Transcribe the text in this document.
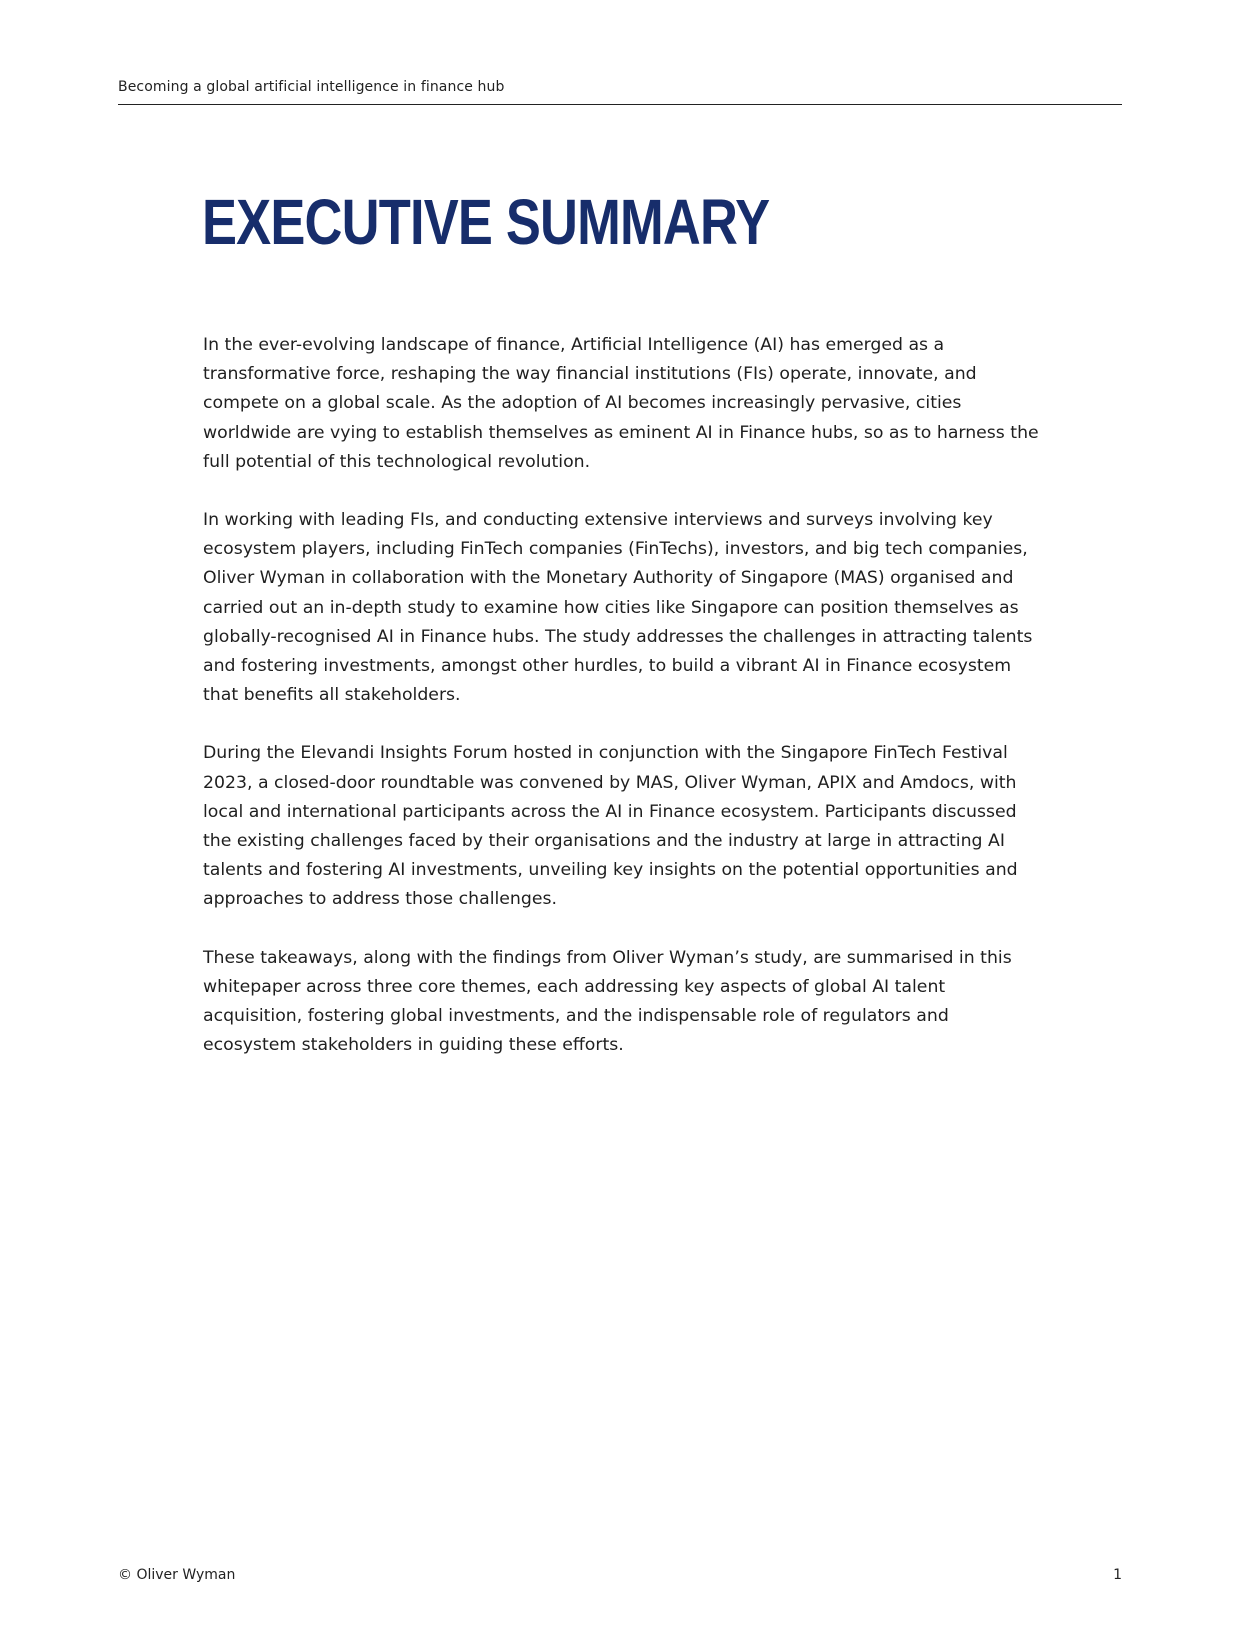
Becoming a global artificial intelligence in finance hub
EXECUTIVE SUMMARY

In the ever-evolving landscape of finance, Artificial Intelligence (AI) has emerged as a transformative force, reshaping the way financial institutions (FIs) operate, innovate, and compete on a global scale. As the adoption of AI becomes increasingly pervasive, cities worldwide are vying to establish themselves as eminent AI in Finance hubs, so as to harness the full potential of this technological revolution.

In working with leading FIs, and conducting extensive interviews and surveys involving key ecosystem players, including FinTech companies (FinTechs), investors, and big tech companies, Oliver Wyman in collaboration with the Monetary Authority of Singapore (MAS) organised and carried out an in-depth study to examine how cities like Singapore can position themselves as globally-recognised AI in Finance hubs. The study addresses the challenges in attracting talents and fostering investments, amongst other hurdles, to build a vibrant AI in Finance ecosystem that benefits all stakeholders.

During the Elevandi Insights Forum hosted in conjunction with the Singapore FinTech Festival 2023, a closed-door roundtable was convened by MAS, Oliver Wyman, APIX and Amdocs, with local and international participants across the AI in Finance ecosystem. Participants discussed the existing challenges faced by their organisations and the industry at large in attracting AI talents and fostering AI investments, unveiling key insights on the potential opportunities and approaches to address those challenges.

These takeaways, along with the findings from Oliver Wyman’s study, are summarised in this whitepaper across three core themes, each addressing key aspects of global AI talent acquisition, fostering global investments, and the indispensable role of regulators and ecosystem stakeholders in guiding these efforts.

© Oliver Wyman	1
